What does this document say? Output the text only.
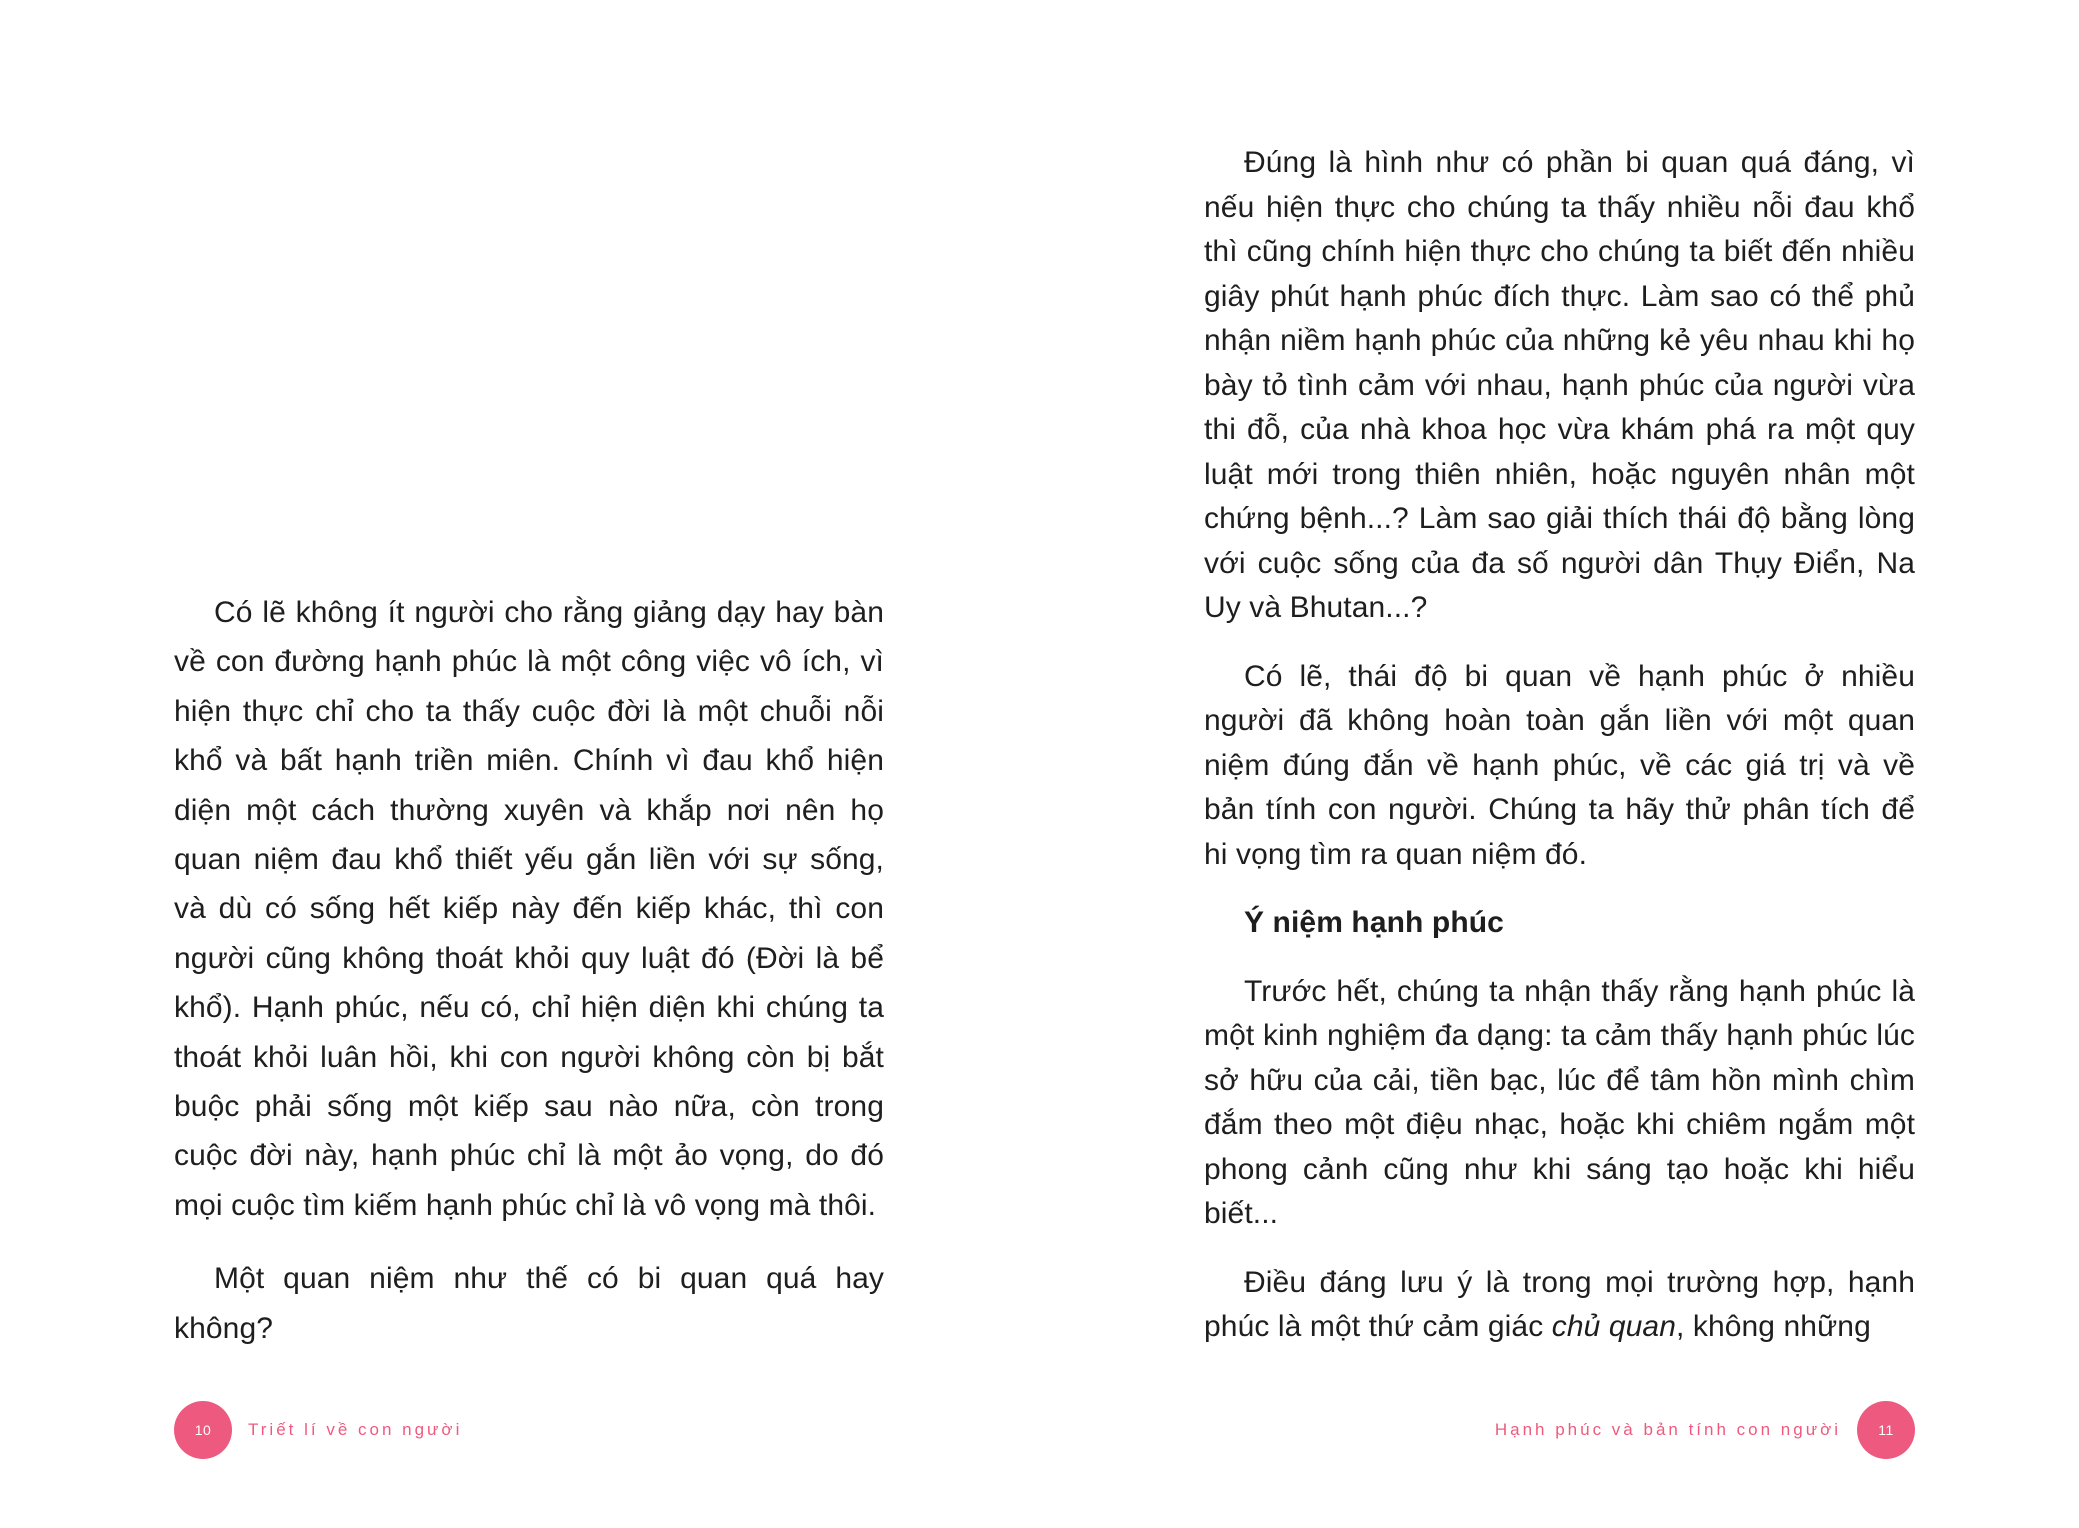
Có lẽ không ít người cho rằng giảng dạy hay bàn về con đường hạnh phúc là một công việc vô ích, vì hiện thực chỉ cho ta thấy cuộc đời là một chuỗi nỗi khổ và bất hạnh triền miên. Chính vì đau khổ hiện diện một cách thường xuyên và khắp nơi nên họ quan niệm đau khổ thiết yếu gắn liền với sự sống, và dù có sống hết kiếp này đến kiếp khác, thì con người cũng không thoát khỏi quy luật đó (Đời là bể khổ). Hạnh phúc, nếu có, chỉ hiện diện khi chúng ta thoát khỏi luân hồi, khi con người không còn bị bắt buộc phải sống một kiếp sau nào nữa, còn trong cuộc đời này, hạnh phúc chỉ là một ảo vọng, do đó mọi cuộc tìm kiếm hạnh phúc chỉ là vô vọng mà thôi.

Một quan niệm như thế có bi quan quá hay không?

10	Triết lí về con người

Đúng là hình như có phần bi quan quá đáng, vì nếu hiện thực cho chúng ta thấy nhiều nỗi đau khổ thì cũng chính hiện thực cho chúng ta biết đến nhiều giây phút hạnh phúc đích thực. Làm sao có thể phủ nhận niềm hạnh phúc của những kẻ yêu nhau khi họ bày tỏ tình cảm với nhau, hạnh phúc của người vừa thi đỗ, của nhà khoa học vừa khám phá ra một quy luật mới trong thiên nhiên, hoặc nguyên nhân một chứng bệnh...? Làm sao giải thích thái độ bằng lòng với cuộc sống của đa số người dân Thụy Điển, Na Uy và Bhutan...?

Có lẽ, thái độ bi quan về hạnh phúc ở nhiều người đã không hoàn toàn gắn liền với một quan niệm đúng đắn về hạnh phúc, về các giá trị và về bản tính con người. Chúng ta hãy thử phân tích để hi vọng tìm ra quan niệm đó.

Ý niệm hạnh phúc

Trước hết, chúng ta nhận thấy rằng hạnh phúc là một kinh nghiệm đa dạng: ta cảm thấy hạnh phúc lúc sở hữu của cải, tiền bạc, lúc để tâm hồn mình chìm đắm theo một điệu nhạc, hoặc khi chiêm ngắm một phong cảnh cũng như khi sáng tạo hoặc khi hiểu biết...

Điều đáng lưu ý là trong mọi trường hợp, hạnh phúc là một thứ cảm giác chủ quan, không những

Hạnh phúc và bản tính con người	11
